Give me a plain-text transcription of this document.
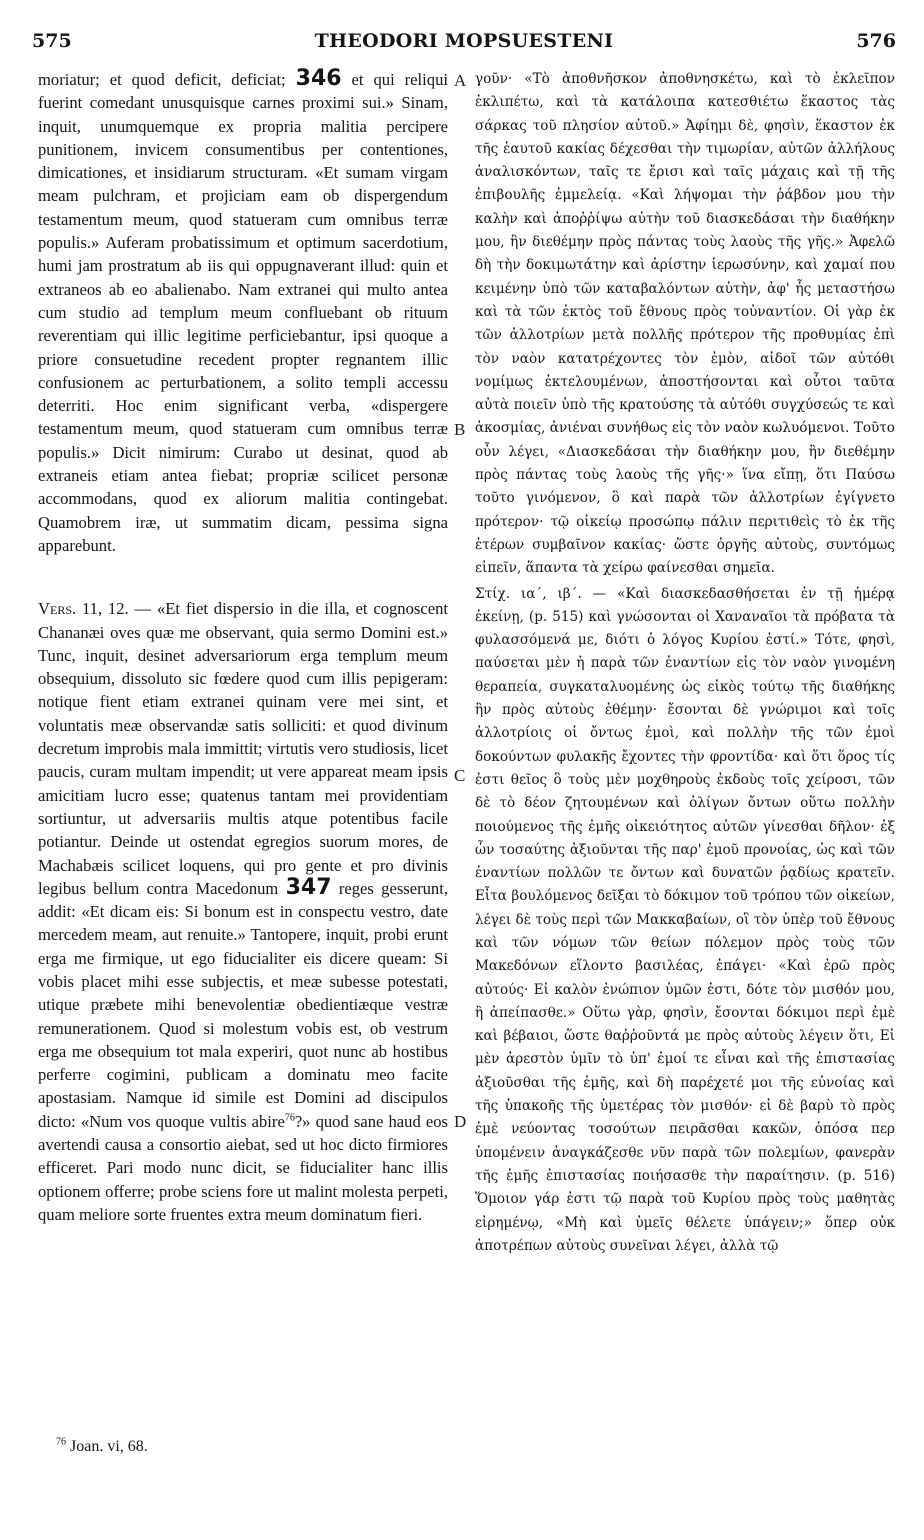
575	THEODORI MOPSUESTENI	576

moriatur; et quod deficit, deficiat; 346 et qui reliqui fuerint comedant unusquisque carnes proximi sui.» Sinam, inquit, unumquemque ex propria malitia percipere punitionem, invicem consumentibus per contentiones, dimicationes, et insidiarum structuram. «Et sumam virgam meam pulchram, et projiciam eam ob dispergendum testamentum meum, quod statueram cum omnibus terræ populis.» Auferam probatissimum et optimum sacerdotium, humi jam prostratum ab iis qui oppugnaverant illud: quin et extraneos ab eo abalienabo. Nam extranei qui multo antea cum studio ad templum meum confluebant ob rituum reverentiam qui illic legitime perficiebantur, ipsi quoque a priore consuetudine recedent propter regnantem illic confusionem ac perturbationem, a solito templi accessu deterriti. Hoc enim significant verba, «dispergere testamentum meum, quod statueram cum omnibus terræ populis.» Dicit nimirum: Curabo ut desinat, quod ab extraneis etiam antea fiebat; propriæ scilicet personæ accommodans, quod ex aliorum malitia contingebat. Quamobrem iræ, ut summatim dicam, pessima signa apparebunt.

Vers. 11, 12. — «Et fiet dispersio in die illa, et cognoscent Chananæi oves quæ me observant, quia sermo Domini est.» Tunc, inquit, desinet adversariorum erga templum meum obsequium, dissoluto sic fœdere quod cum illis pepigeram: notique fient etiam extranei quinam vere mei sint, et voluntatis meæ observandæ satis solliciti: et quod divinum decretum improbis mala immittit; virtutis vero studiosis, licet paucis, curam multam impendit; ut vere appareat meam ipsis amicitiam lucro esse; quatenus tantam mei providentiam sortiuntur, ut adversariis multis atque potentibus facile potiantur. Deinde ut ostendat egregios suorum mores, de Machabæis scilicet loquens, qui pro gente et pro divinis legibus bellum contra Macedonum 347 reges gesserunt, addit: «Et dicam eis: Si bonum est in conspectu vestro, date mercedem meam, aut renuite.» Tantopere, inquit, probi erunt erga me firmique, ut ego fiducialiter eis dicere queam: Si vobis placet mihi esse subjectis, et meæ subesse potestati, utique præbete mihi benevolentiæ obedientiæque vestræ remunerationem. Quod si molestum vobis est, ob vestrum erga me obsequium tot mala experiri, quot nunc ab hostibus perferre cogimini, publicam a dominatu meo facite apostasiam. Namque id simile est Domini ad discipulos dicto: «Num vos quoque vultis abire$^{76}$?» quod sane haud eos avertendi causa a consortio aiebat, sed ut hoc dicto firmiores efficeret. Pari modo nunc dicit, se fiducialiter hanc illis optionem offerre; probe sciens fore ut malint molesta perpeti, quam meliore sorte fruentes extra meum dominatum fieri.

A
B
C
D

γοῦν· «Τὸ ἀποθνῆσκον ἀποθνησκέτω, καὶ τὸ ἐκλεῖπον ἐκλιπέτω, καὶ τὰ κατάλοιπα κατεσθιέτω ἕκαστος τὰς σάρκας τοῦ πλησίον αὐτοῦ.» Ἀφίημι δὲ, φησὶν, ἕκαστον ἐκ τῆς ἑαυτοῦ κακίας δέχεσθαι τὴν τιμωρίαν, αὐτῶν ἀλλήλους ἀναλισκόντων, ταῖς τε ἔρισι καὶ ταῖς μάχαις καὶ τῇ τῆς ἐπιβουλῆς ἐμμελείᾳ. «Καὶ λήψομαι τὴν ῥάβδον μου τὴν καλὴν καὶ ἀποῤῥίψω αὐτὴν τοῦ διασκεδάσαι τὴν διαθήκην μου, ἣν διεθέμην πρὸς πάντας τοὺς λαοὺς τῆς γῆς.» Ἀφελῶ δὴ τὴν δοκιμωτάτην καὶ ἀρίστην ἱερωσύνην, καὶ χαμαί που κειμένην ὑπὸ τῶν καταβαλόντων αὐτὴν, ἀφ' ἧς μεταστήσω καὶ τὰ τῶν ἐκτὸς τοῦ ἔθνους πρὸς τοὐναντίον. Οἱ γὰρ ἐκ τῶν ἀλλοτρίων μετὰ πολλῆς πρότερον τῆς προθυμίας ἐπὶ τὸν ναὸν κατατρέχοντες τὸν ἐμὸν, αἰδοῖ τῶν αὐτόθι νομίμως ἐκτελουμένων, ἀποστήσονται καὶ οὗτοι ταῦτα αὐτὰ ποιεῖν ὑπὸ τῆς κρατούσης τὰ αὐτόθι συγχύσεώς τε καὶ ἀκοσμίας, ἀνιέναι συνήθως εἰς τὸν ναὸν κωλυόμενοι. Τοῦτο οὖν λέγει, «Διασκεδάσαι τὴν διαθήκην μου, ἣν διεθέμην πρὸς πάντας τοὺς λαοὺς τῆς γῆς·» ἵνα εἴπῃ, ὅτι Παύσω τοῦτο γινόμενον, ὃ καὶ παρὰ τῶν ἀλλοτρίων ἐγίγνετο πρότερον· τῷ οἰκείῳ προσώπῳ πάλιν περιτιθεὶς τὸ ἐκ τῆς ἑτέρων συμβαῖνον κακίας· ὥστε ὀργῆς αὐτοὺς, συντόμως εἰπεῖν, ἅπαντα τὰ χείρω φαίνεσθαι σημεῖα.

Στίχ. ια΄, ιβ΄. — «Καὶ διασκεδασθήσεται ἐν τῇ ἡμέρᾳ ἐκείνῃ, (p. 515) καὶ γνώσονται οἱ Χαναναῖοι τὰ πρόβατα τὰ φυλασσόμενά με, διότι ὁ λόγος Κυρίου ἐστί.» Τότε, φησὶ, παύσεται μὲν ἡ παρὰ τῶν ἐναντίων εἰς τὸν ναὸν γινομένη θεραπεία, συγκαταλυομένης ὡς εἰκὸς τούτῳ τῆς διαθήκης ἣν πρὸς αὐτοὺς ἐθέμην· ἔσονται δὲ γνώριμοι καὶ τοῖς ἀλλοτρίοις οἱ ὄντως ἐμοὶ, καὶ πολλὴν τῆς τῶν ἐμοὶ δοκούντων φυλακῆς ἔχοντες τὴν φροντίδα· καὶ ὅτι ὅρος τίς ἐστι θεῖος ὃ τοὺς μὲν μοχθηροὺς ἐκδοὺς τοῖς χείροσι, τῶν δὲ τὸ δέον ζητουμένων καὶ ὀλίγων ὄντων οὕτω πολλὴν ποιούμενος τῆς ἐμῆς οἰκειότητος αὐτῶν γίνεσθαι δῆλον· ἐξ ὧν τοσαύτης ἀξιοῦνται τῆς παρ' ἐμοῦ προνοίας, ὡς καὶ τῶν ἐναντίων πολλῶν τε ὄντων καὶ δυνατῶν ῥᾳδίως κρατεῖν. Εἶτα βουλόμενος δεῖξαι τὸ δόκιμον τοῦ τρόπου τῶν οἰκείων, λέγει δὲ τοὺς περὶ τῶν Μακκαβαίων, οἳ τὸν ὑπὲρ τοῦ ἔθνους καὶ τῶν νόμων τῶν θείων πόλεμον πρὸς τοὺς τῶν Μακεδόνων εἵλοντο βασιλέας, ἐπάγει· «Καὶ ἐρῶ πρὸς αὐτούς· Εἰ καλὸν ἐνώπιον ὑμῶν ἐστι, δότε τὸν μισθόν μου, ἢ ἀπείπασθε.» Οὕτω γὰρ, φησὶν, ἔσονται δόκιμοι περὶ ἐμὲ καὶ βέβαιοι, ὥστε θαῤῥοῦντά με πρὸς αὐτοὺς λέγειν ὅτι, Εἰ μὲν ἀρεστὸν ὑμῖν τὸ ὑπ' ἐμοί τε εἶναι καὶ τῆς ἐπιστασίας ἀξιοῦσθαι τῆς ἐμῆς, καὶ δὴ παρέχετέ μοι τῆς εὐνοίας καὶ τῆς ὑπακοῆς τῆς ὑμετέρας τὸν μισθόν· εἰ δὲ βαρὺ τὸ πρὸς ἐμὲ νεύοντας τοσούτων πειρᾶσθαι κακῶν, ὁπόσα περ ὑπομένειν ἀναγκάζεσθε νῦν παρὰ τῶν πολεμίων, φανερὰν τῆς ἐμῆς ἐπιστασίας ποιήσασθε τὴν παραίτησιν. (p. 516) Ὅμοιον γάρ ἐστι τῷ παρὰ τοῦ Κυρίου πρὸς τοὺς μαθητὰς εἰρημένῳ, «Μὴ καὶ ὑμεῖς θέλετε ὑπάγειν;» ὅπερ οὐκ ἀποτρέπων αὐτοὺς συνεῖναι λέγει, ἀλλὰ τῷ

$^{76}$ Joan. vi, 68.
